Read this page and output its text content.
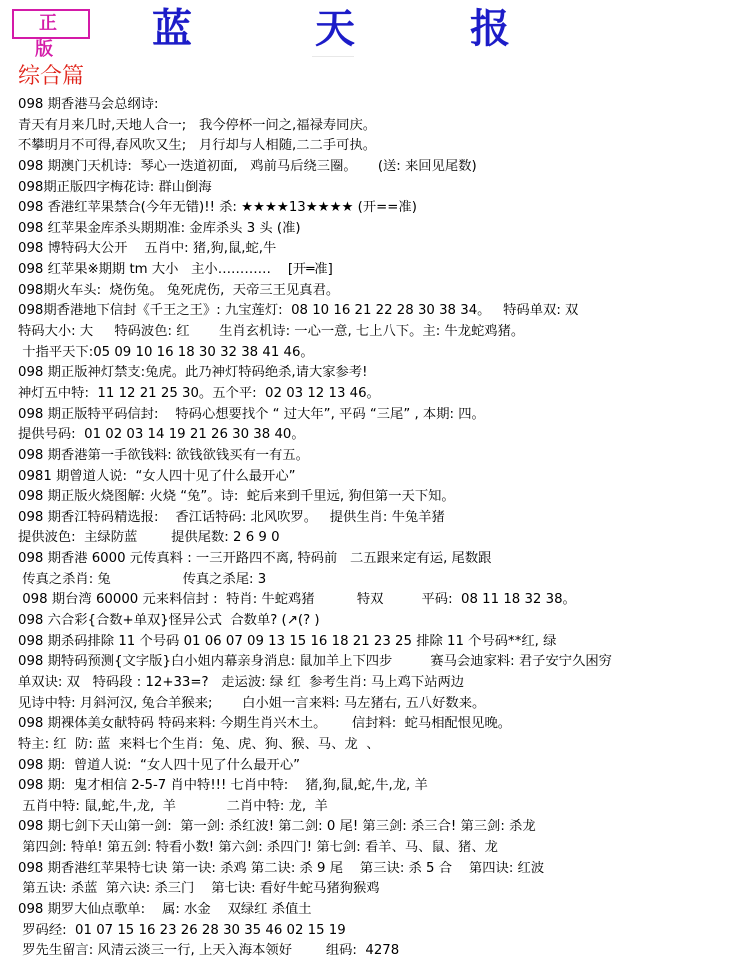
正 版	蓝	天	报
综合篇
098 期香港马会总纲诗:
青天有月来几时,天地人合一;   我今停杯一问之,福禄寿同庆。
不攀明月不可得,春风吹又生;   月行却与人相随,二二手可执。
098 期澳门天机诗:  琴心一迭道初面,   鸡前马后绕三圈。     (送: 来回见尾数)
098期正版四字梅花诗: 群山倒海
098 香港红苹果禁合(今年无错)!! 杀: ★★★★13★★★★ (开==准)
098 红苹果金库杀头期期准: 金库杀头 3 头 (准)
098 博特码大公开    五肖中: 猪,狗,鼠,蛇,牛
098 红苹果※期期 tm 大小   主小…………    [开═准]
098期火车头:  烧伤兔。 兔死虎伤,  天帝三王见真君。
098期香港地下信封《千王之王》: 九宝莲灯:  08 10 16 21 22 28 30 38 34。   特码单双: 双
特码大小: 大     特码波色: 红       生肖玄机诗: 一心一意, 七上八下。主: 牛龙蛇鸡猪。
十指平天下:05 09 10 16 18 30 32 38 41 46。
098 期正版神灯禁支:兔虎。此乃神灯特码绝杀,请大家参考!
神灯五中特:  11 12 21 25 30。五个平:  02 03 12 13 46。
098 期正版特平码信封:    特码心想要找个 “ 过大年”, 平码 “三尾” , 本期: 四。
提供号码:  01 02 03 14 19 21 26 30 38 40。
098 期香港第一手欲钱料: 欲钱欲钱买有一有五。
0981 期曾道人说:  “女人四十见了什么最开心”
098 期正版火烧图解: 火烧 “兔”。诗:  蛇后来到千里远, 狗但第一天下知。
098 期香江特码精选报:    香江话特码: 北风吹罗。   提供生肖: 牛兔羊猪
提供波色:  主绿防蓝        提供尾数: 2 6 9 0
098 期香港 6000 元传真料 : 一三开路四不离, 特码前   二五跟来定有运, 尾数跟
传真之杀肖: 兔                 传真之杀尾: 3
098 期台湾 60000 元来料信封 :  特肖: 牛蛇鸡猪          特双         平码:  08 11 18 32 38。
098 六合彩{合数+单双}怪异公式  合数单? (↗(? )
098 期杀码排除 11 个号码 01 06 07 09 13 15 16 18 21 23 25 排除 11 个号码**红, 绿
098 期特码预测{文字版}白小姐内幕亲身消息: 鼠加羊上下四步         赛马会迪家料: 君子安宁久困穷
单双诀: 双   特码段 : 12+33=?   走运波: 绿 红  参考生肖: 马上鸡下站两边
见诗中特: 月斜河汉, 兔合羊猴来;       白小姐一言来料: 马左猪右, 五八好数来。
098 期裸体美女献特码 特码来料: 今期生肖兴木土。      信封料:  蛇马相配恨见晚。
特主: 红  防: 蓝  来料七个生肖:  兔、虎、狗、猴、马、龙  、
098 期:  曾道人说:  “女人四十见了什么最开心”
098 期:  鬼才相信 2-5-7 肖中特!!! 七肖中特:    猪,狗,鼠,蛇,牛,龙, 羊
五肖中特: 鼠,蛇,牛,龙,  羊            二肖中特: 龙,  羊
098 期七剑下天山第一剑:  第一剑: 杀红波! 第二剑: 0 尾! 第三剑: 杀三合! 第三剑: 杀龙
第四剑: 特单! 第五剑: 特看小数! 第六剑: 杀四门! 第七剑: 看羊、马、鼠、猪、龙
098 期香港红苹果特七诀 第一诀: 杀鸡 第二诀: 杀 9 尾    第三诀: 杀 5 合    第四诀: 红波
第五诀: 杀蓝  第六诀: 杀三门    第七诀: 看好牛蛇马猪狗猴鸡
098 期罗大仙点歌单:    属: 水金    双绿红 杀值土
罗码经:  01 07 15 16 23 26 28 30 35 46 02 15 19
罗先生留言: 风清云淡三一行, 上天入海本领好        组码:  4278
